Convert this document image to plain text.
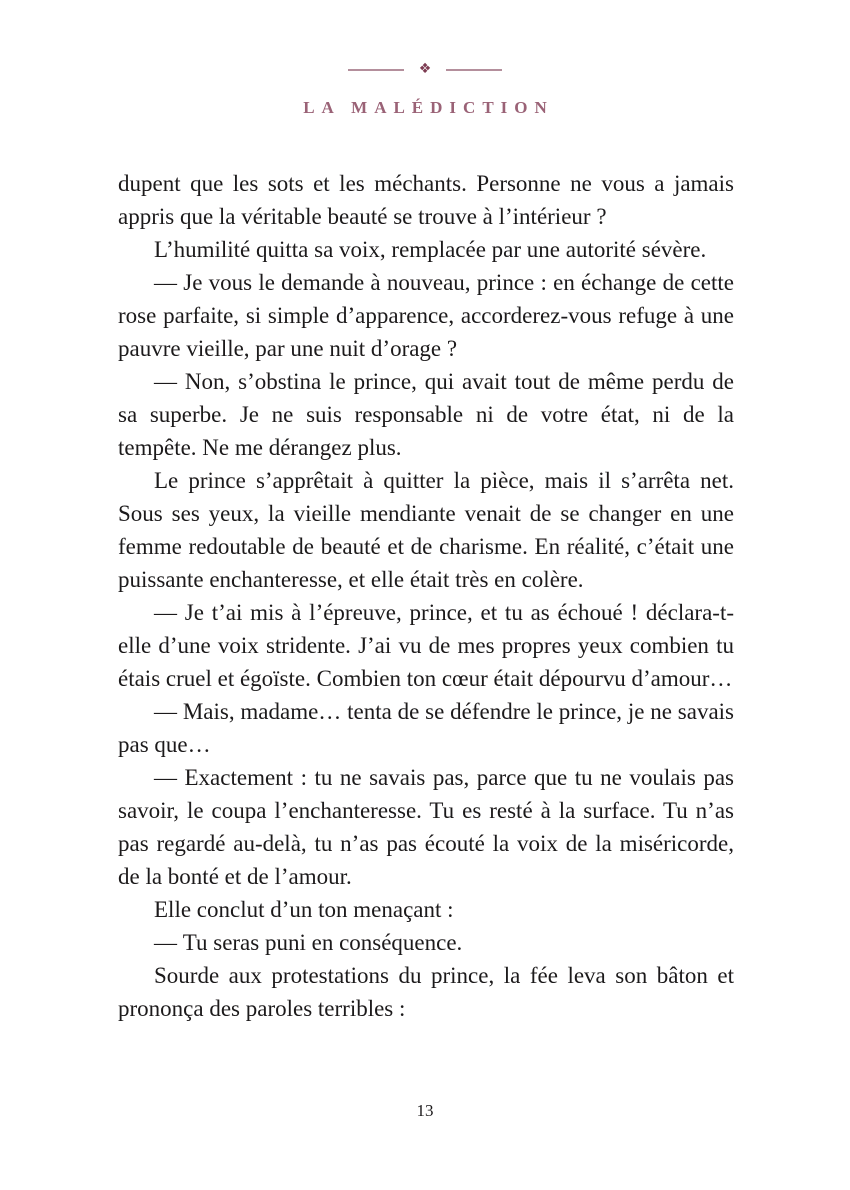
❖
LA MALÉDICTION

dupent que les sots et les méchants. Personne ne vous a jamais appris que la véritable beauté se trouve à l’intérieur ?

L’humilité quitta sa voix, remplacée par une autorité sévère.

— Je vous le demande à nouveau, prince : en échange de cette rose parfaite, si simple d’apparence, accorderez-vous refuge à une pauvre vieille, par une nuit d’orage ?

— Non, s’obstina le prince, qui avait tout de même perdu de sa superbe. Je ne suis responsable ni de votre état, ni de la tempête. Ne me dérangez plus.

Le prince s’apprêtait à quitter la pièce, mais il s’arrêta net. Sous ses yeux, la vieille mendiante venait de se changer en une femme redoutable de beauté et de charisme. En réalité, c’était une puissante enchanteresse, et elle était très en colère.

— Je t’ai mis à l’épreuve, prince, et tu as échoué ! déclara-t-elle d’une voix stridente. J’ai vu de mes propres yeux combien tu étais cruel et égoïste. Combien ton cœur était dépourvu d’amour…

— Mais, madame… tenta de se défendre le prince, je ne savais pas que…

— Exactement : tu ne savais pas, parce que tu ne voulais pas savoir, le coupa l’enchanteresse. Tu es resté à la surface. Tu n’as pas regardé au-delà, tu n’as pas écouté la voix de la miséricorde, de la bonté et de l’amour.

Elle conclut d’un ton menaçant :

— Tu seras puni en conséquence.

Sourde aux protestations du prince, la fée leva son bâton et prononça des paroles terribles :

13
